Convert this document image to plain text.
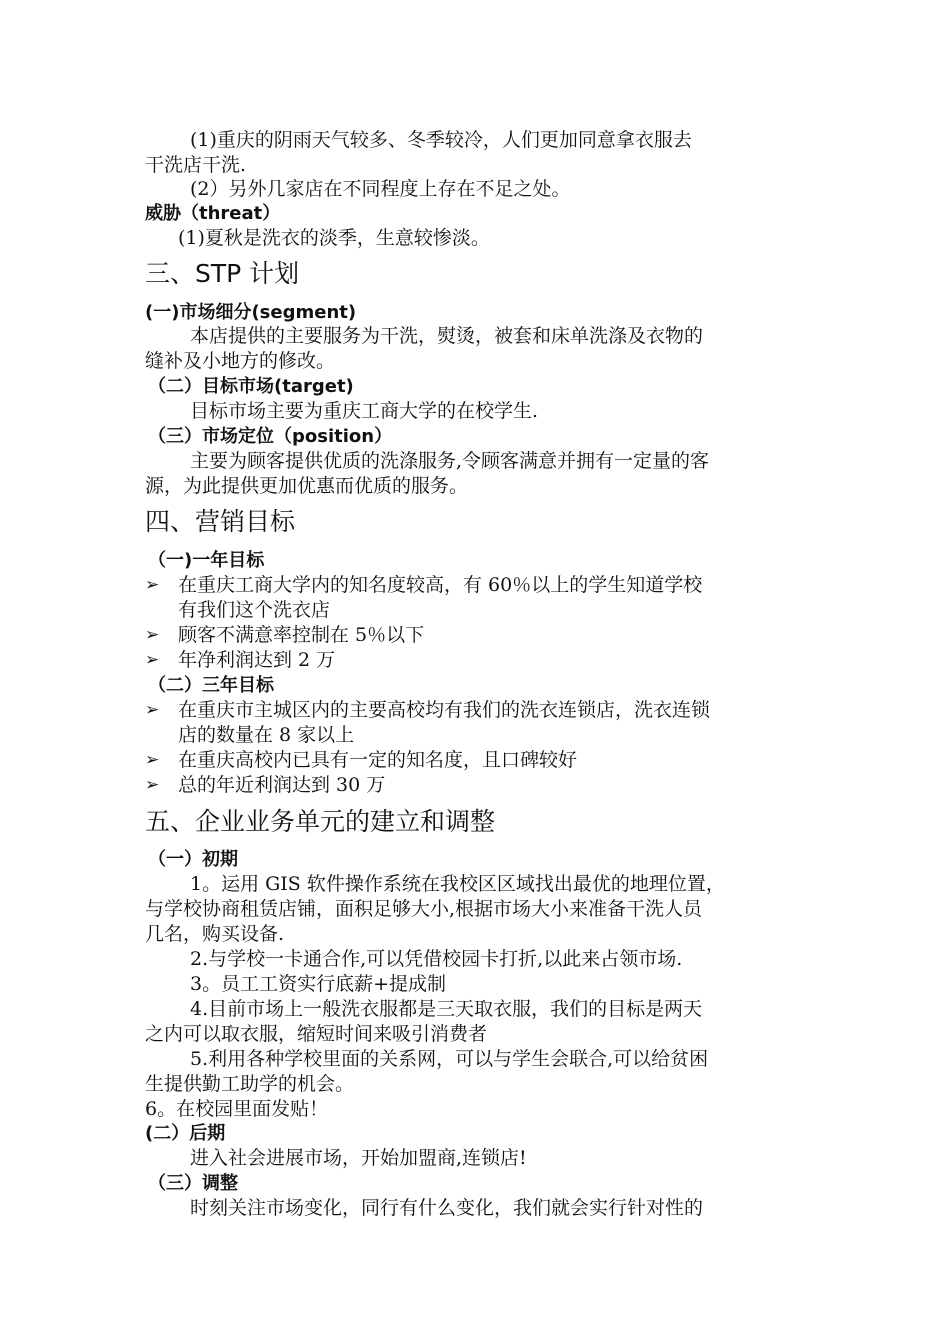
(1)重庆的阴雨天气较多、冬季较冷，人们更加同意拿衣服去
干洗店干洗.
(2）另外几家店在不同程度上存在不足之处。
威胁（threat）
(1)夏秋是洗衣的淡季，生意较惨淡。
三、STP 计划
(一)市场细分(segment)
本店提供的主要服务为干洗，熨烫，被套和床单洗涤及衣物的
缝补及小地方的修改。
（二）目标市场(target)
目标市场主要为重庆工商大学的在校学生.
（三）市场定位（position）
主要为顾客提供优质的洗涤服务,令顾客满意并拥有一定量的客
源，为此提供更加优惠而优质的服务。
四、营销目标
（一)一年目标
➢ 在重庆工商大学内的知名度较高，有 60％以上的学生知道学校
有我们这个洗衣店
➢ 顾客不满意率控制在 5％以下
➢ 年净利润达到 2 万
（二）三年目标
➢ 在重庆市主城区内的主要高校均有我们的洗衣连锁店，洗衣连锁
店的数量在 8 家以上
➢ 在重庆高校内已具有一定的知名度，且口碑较好
➢ 总的年近利润达到 30 万
五、企业业务单元的建立和调整
（一）初期
1。运用 GIS 软件操作系统在我校区区域找出最优的地理位置，
与学校协商租赁店铺，面积足够大小,根据市场大小来准备干洗人员
几名，购买设备.
2.与学校一卡通合作,可以凭借校园卡打折,以此来占领市场.
3。员工工资实行底薪+提成制
4.目前市场上一般洗衣服都是三天取衣服，我们的目标是两天
之内可以取衣服，缩短时间来吸引消费者
5.利用各种学校里面的关系网，可以与学生会联合,可以给贫困
生提供勤工助学的机会。
6。在校园里面发贴！
(二）后期
进入社会进展市场，开始加盟商,连锁店!
（三）调整
时刻关注市场变化，同行有什么变化，我们就会实行针对性的
